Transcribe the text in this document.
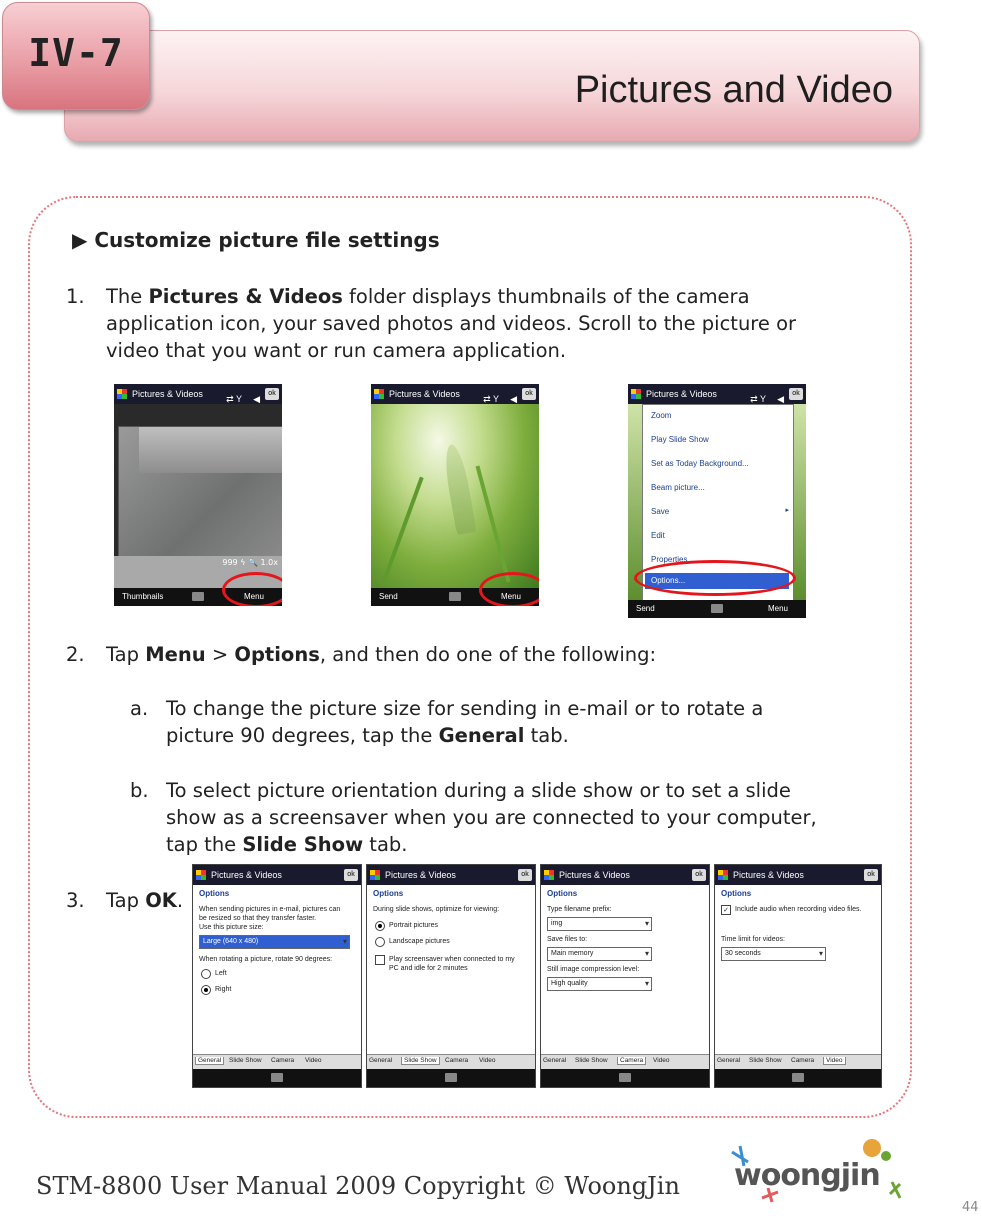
Pictures and Video
IV-7
▶ Customize picture file settings
1. The Pictures & Videos folder displays thumbnails of the camera
application icon, your saved photos and videos. Scroll to the picture or
video that you want or run camera application.
Pictures & Videos	⇄ Y ◀
ok
999 ϟ 🔍 1.0x
Thumbnails	Menu
Pictures & Videos	⇄ Y ◀
ok
Send	Menu
Pictures & Videos	⇄ Y ◀
ok
Zoom
Play Slide Show
Set as Today Background...
Beam picture...
Save	▸
Edit
Properties
Options...
Send	Menu
2. Tap Menu > Options, and then do one of the following:
a. To change the picture size for sending in e-mail or to rotate a
picture 90 degrees, tap the General tab.
b. To select picture orientation during a slide show or to set a slide
show as a screensaver when you are connected to your computer,
tap the Slide Show tab.
3. Tap OK.
Pictures & Videos	ok
Options
When sending pictures in e-mail, pictures can
be resized so that they transfer faster.
Use this picture size:
Large (640 x 480) ▾
When rotating a picture, rotate 90 degrees:
Left
Right
General	Slide Show Camera Video
Pictures & Videos	ok
Options
During slide shows, optimize for viewing:
Portrait pictures
Landscape pictures
Play screensaver when connected to my
PC and idle for 2 minutes
General	Slide Show	Camera Video
Pictures & Videos	ok
Options
Type filename prefix:
img ▾
Save files to:
Main memory ▾
Still image compression level:
High quality ▾
General Slide Show	Camera	Video
Pictures & Videos	ok
Options
✓ Include audio when recording video files.
Time limit for videos:
30 seconds ▾
General Slide Show Camera	Video
STM-8800 User Manual 2009 Copyright © WoongJin woongjin
44
